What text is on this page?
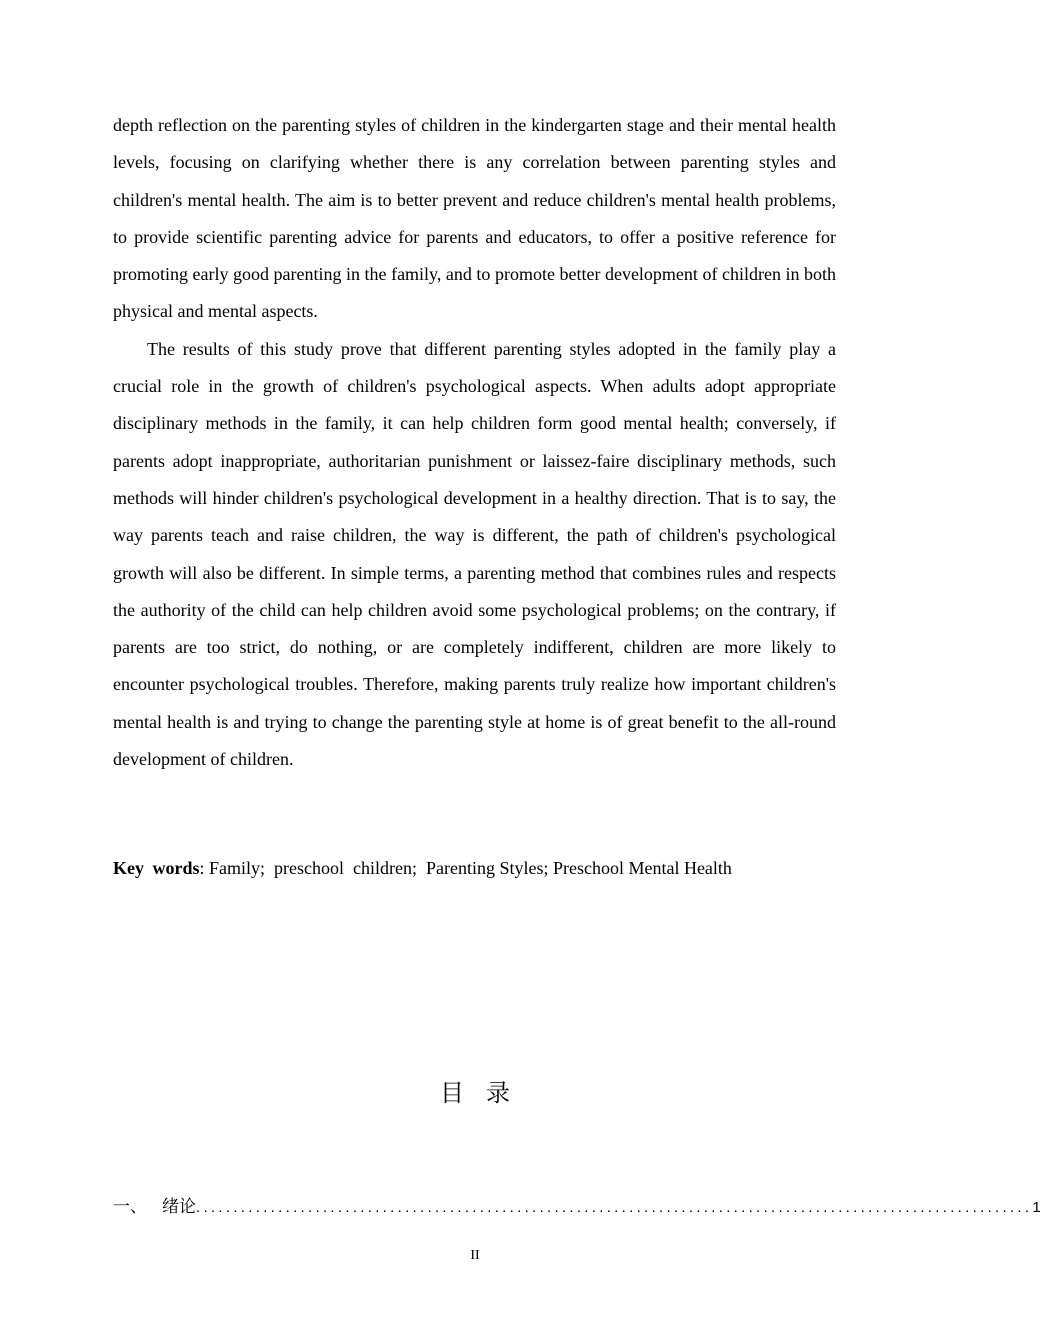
depth reflection on the parenting styles of children in the kindergarten stage and their mental health levels, focusing on clarifying whether there is any correlation between parenting styles and children's mental health. The aim is to better prevent and reduce children's mental health problems, to provide scientific parenting advice for parents and educators, to offer a positive reference for promoting early good parenting in the family, and to promote better development of children in both physical and mental aspects.

The results of this study prove that different parenting styles adopted in the family play a crucial role in the growth of children's psychological aspects. When adults adopt appropriate disciplinary methods in the family, it can help children form good mental health; conversely, if parents adopt inappropriate, authoritarian punishment or laissez-faire disciplinary methods, such methods will hinder children's psychological development in a healthy direction. That is to say, the way parents teach and raise children, the way is different, the path of children's psychological growth will also be different. In simple terms, a parenting method that combines rules and respects the authority of the child can help children avoid some psychological problems; on the contrary, if parents are too strict, do nothing, or are completely indifferent, children are more likely to encounter psychological troubles. Therefore, making parents truly realize how important children's mental health is and trying to change the parenting style at home is of great benefit to the all-round development of children.

Key words: Family;  preschool  children;  Parenting Styles; Preschool Mental Health
目录
一、 绪论 ................................................................................................................ 1
II
